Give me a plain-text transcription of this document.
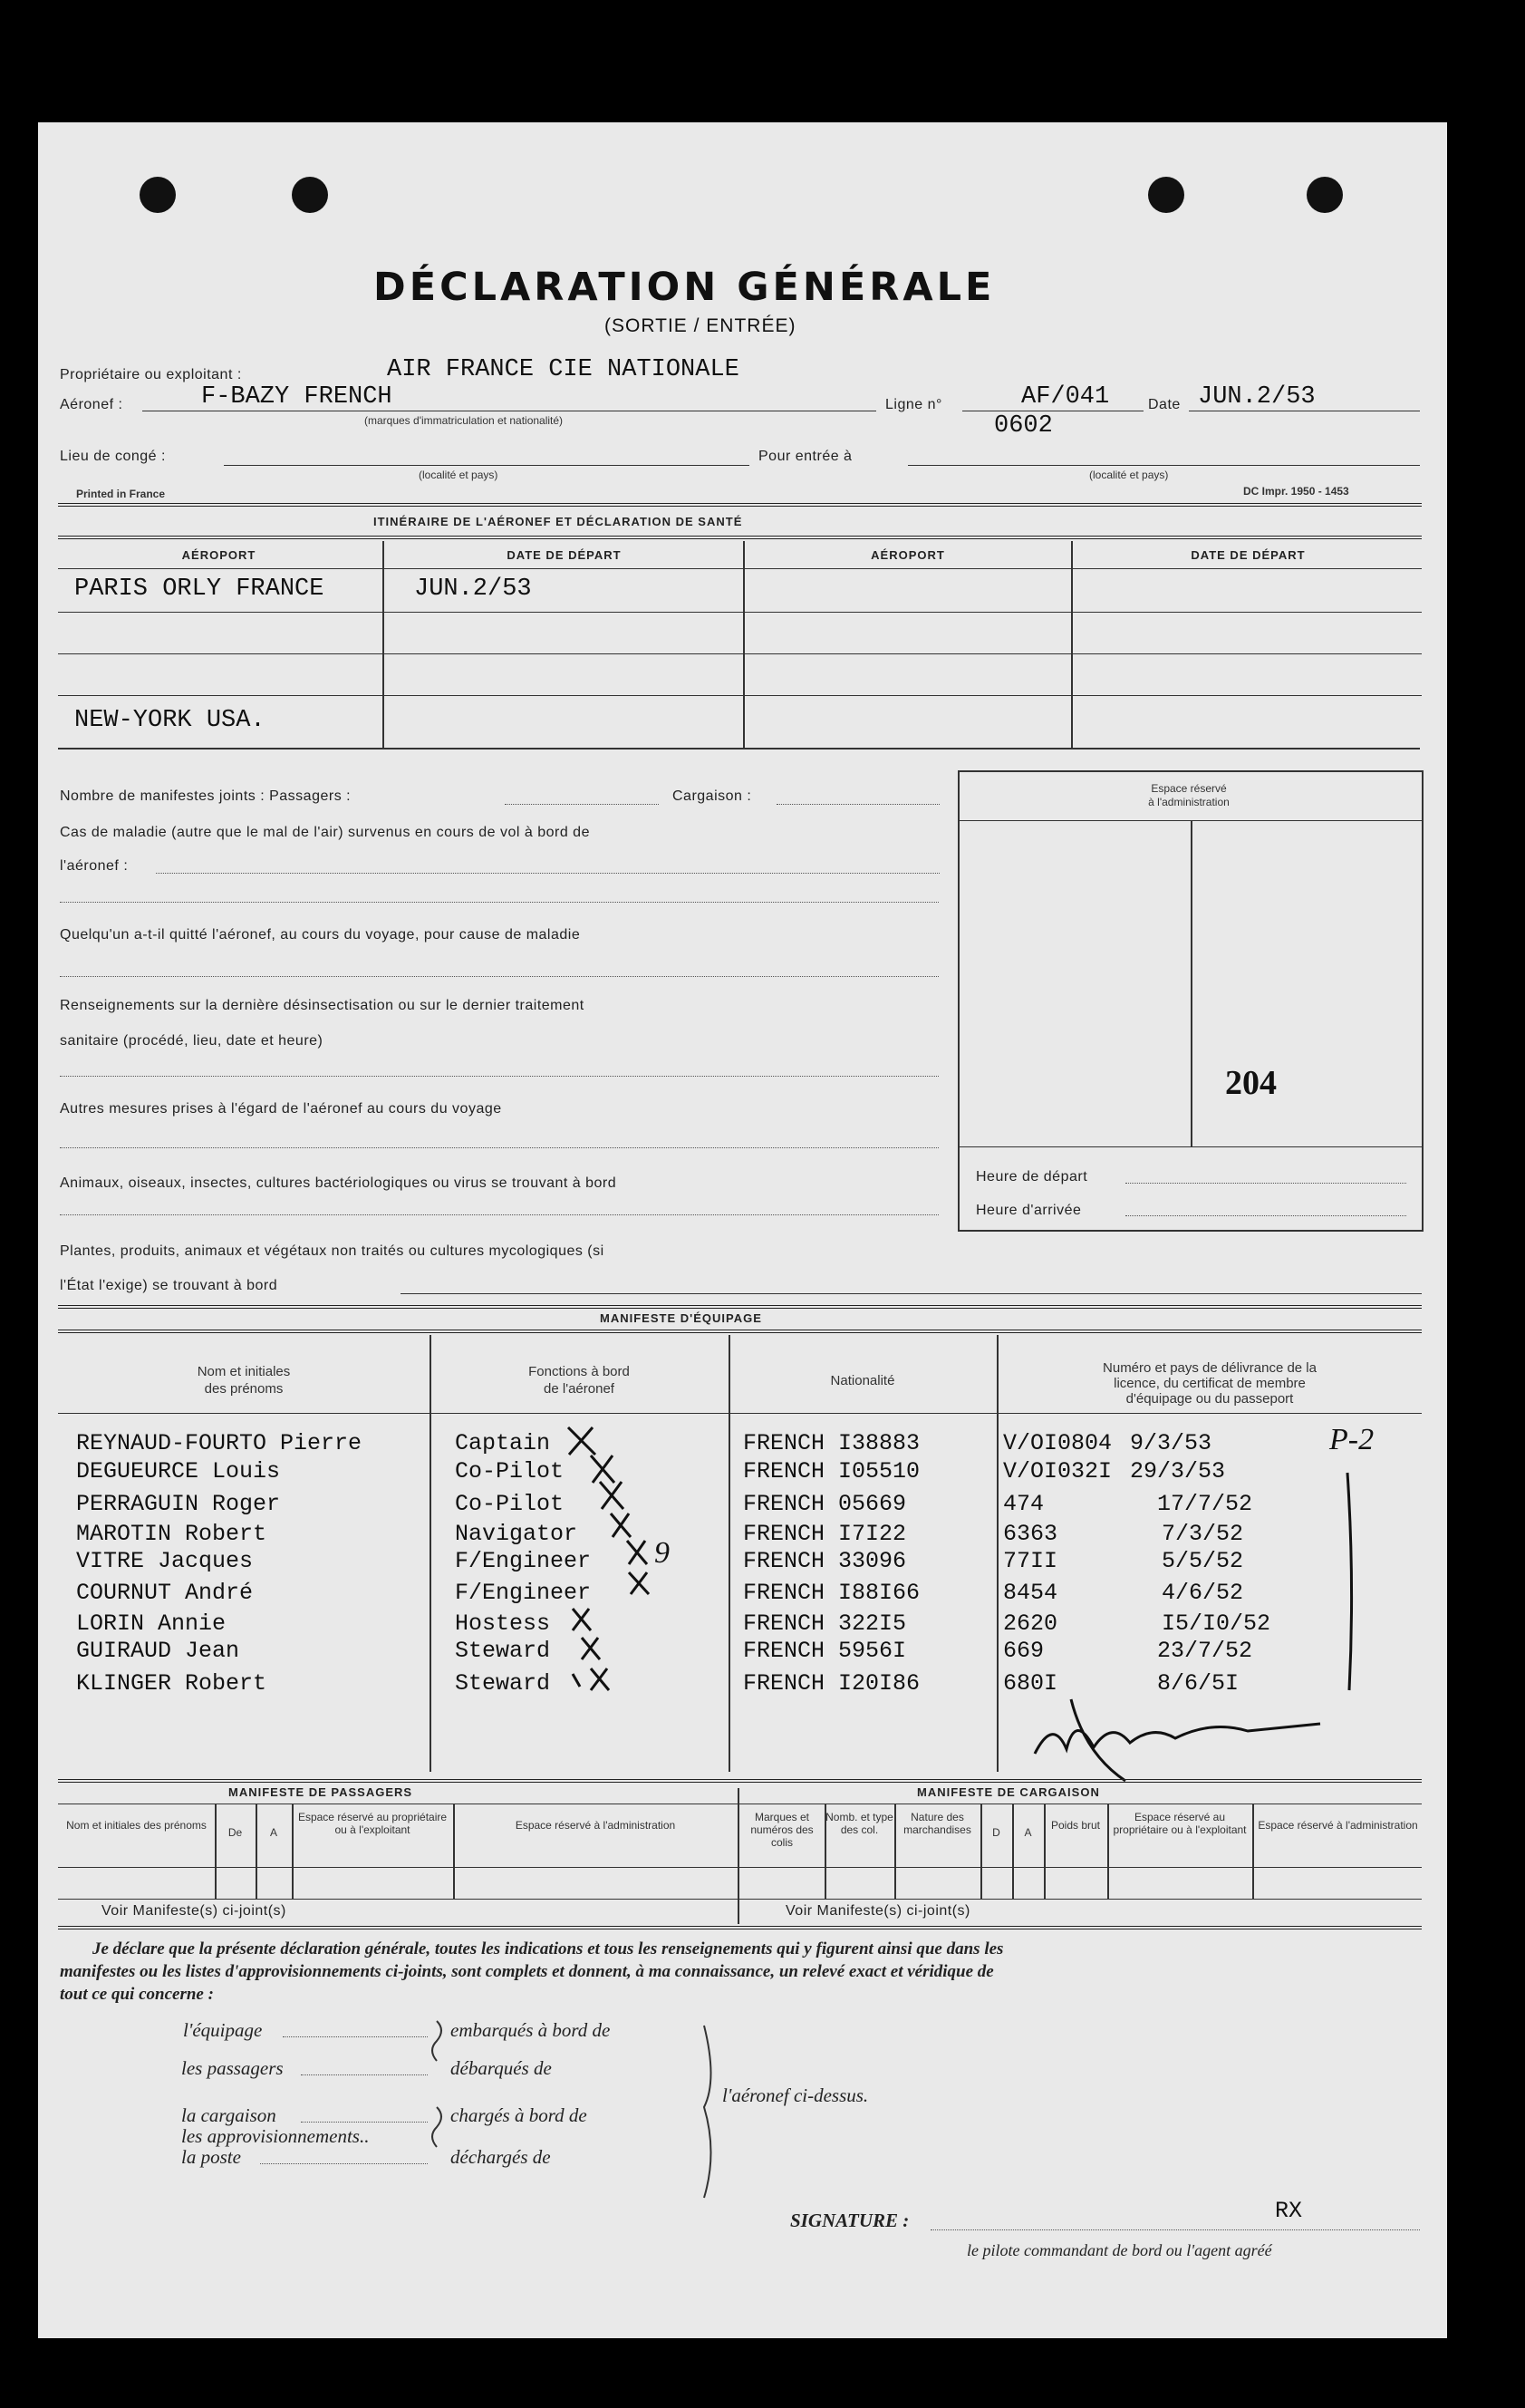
DÉCLARATION GÉNÉRALE
(SORTIE / ENTRÉE)
Propriétaire ou exploitant :	AIR FRANCE CIE NATIONALE
Aéronef :	F-BAZY FRENCH
(marques d'immatriculation et nationalité)
Ligne n°	AF/041
0602
Date JUN.2/53
Lieu de congé :
(localité et pays)
Pour entrée à
(localité et pays)
Printed in France	DC Impr. 1950 - 1453
ITINÉRAIRE DE L'AÉRONEF ET DÉCLARATION DE SANTÉ
AÉROPORT	DATE DE DÉPART	AÉROPORT	DATE DE DÉPART
PARIS ORLY FRANCE	JUN.2/53
NEW-YORK USA.
Nombre de manifestes joints : Passagers :	Cargaison :
Cas de maladie (autre que le mal de l'air) survenus en cours de vol à bord de
l'aéronef :
Quelqu'un a-t-il quitté l'aéronef, au cours du voyage, pour cause de maladie
Renseignements sur la dernière désinsectisation ou sur le dernier traitement
sanitaire (procédé, lieu, date et heure)
Autres mesures prises à l'égard de l'aéronef au cours du voyage
Animaux, oiseaux, insectes, cultures bactériologiques ou virus se trouvant à bord
Plantes, produits, animaux et végétaux non traités ou cultures mycologiques (si
l'État l'exige) se trouvant à bord
Espace réservé
à l'administration
204
Heure de départ
Heure d'arrivée
MANIFESTE D'ÉQUIPAGE
Nom et initiales
des prénoms
Fonctions à bord
de l'aéronef
Nationalité
Numéro et pays de délivrance de la
licence, du certificat de membre
d'équipage ou du passeport
REYNAUD-FOURTO Pierre	Captain	FRENCH I38883	V/OI0804 9/3/53
DEGUEURCE Louis	Co-Pilot	FRENCH I05510	V/OI032I 29/3/53
PERRAGUIN Roger	Co-Pilot	FRENCH 05669	474	17/7/52
MAROTIN Robert	Navigator	FRENCH I7I22	6363	7/3/52
VITRE Jacques	F/Engineer	FRENCH 33096	77II	5/5/52
COURNUT André	F/Engineer	FRENCH I88I66	8454	4/6/52
LORIN Annie	Hostess	FRENCH 322I5	2620	I5/I0/52
GUIRAUD Jean	Steward	FRENCH 5956I	669	23/7/52
KLINGER Robert	Steward	FRENCH I20I86	680I	8/6/5I
9
P-2
MANIFESTE DE PASSAGERS	MANIFESTE DE CARGAISON
Nom et initiales des prénoms
De	A
Espace réservé au propriétaire ou à l'exploitant	Espace réservé à l'administration
Marques et numéros des colis
Nomb. et type des col.
Nature des marchandises	D	A
Poids brut
Espace réservé au propriétaire ou à l'exploitant	Espace réservé à l'administration
Voir Manifeste(s) ci-joint(s)	Voir Manifeste(s) ci-joint(s)
Je déclare que la présente déclaration générale, toutes les indications et tous les renseignements qui y figurent ainsi que dans les
manifestes ou les listes d'approvisionnements ci-joints, sont complets et donnent, à ma connaissance, un relevé exact et véridique de
tout ce qui concerne :
l'équipage
les passagers
la cargaison
les approvisionnements..
la poste
embarqués à bord de
débarqués de
chargés à bord de
déchargés de
l'aéronef ci-dessus.
SIGNATURE :	RX
le pilote commandant de bord ou l'agent agréé
